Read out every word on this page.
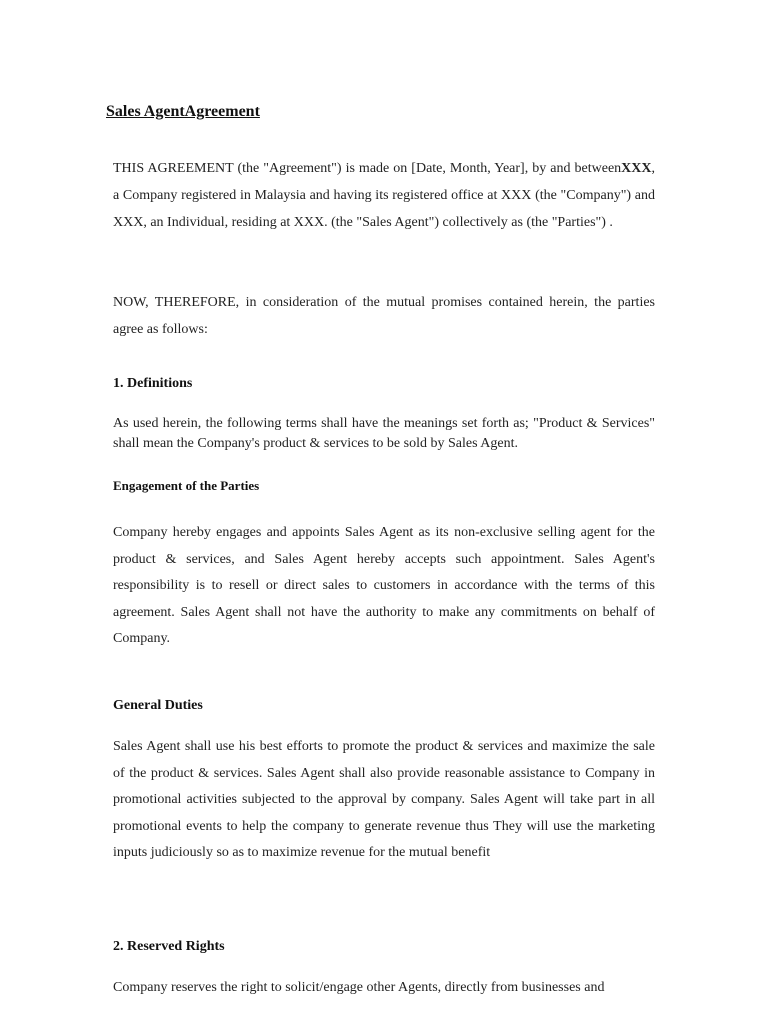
Sales AgentAgreement
THIS AGREEMENT (the "Agreement") is made on [Date, Month, Year], by and betweenXXX, a Company registered in Malaysia and having its registered office at XXX (the "Company") and XXX, an Individual, residing at XXX. (the "Sales Agent") collectively as (the "Parties") .
NOW, THEREFORE, in consideration of the mutual promises contained herein, the parties agree as follows:
1. Definitions
As used herein, the following terms shall have the meanings set forth as; "Product & Services" shall mean the Company's product & services to be sold by Sales Agent.
Engagement of the Parties
Company hereby engages and appoints Sales Agent as its non-exclusive selling agent for the product & services, and Sales Agent hereby accepts such appointment. Sales Agent's responsibility is to resell or direct sales to customers in accordance with the terms of this agreement. Sales Agent shall not have the authority to make any commitments on behalf of Company.
General Duties
Sales Agent shall use his best efforts to promote the product & services and maximize the sale of the product & services. Sales Agent shall also provide reasonable assistance to Company in promotional activities subjected to the approval by company. Sales Agent will take part in all promotional events to help the company to generate revenue thus They will use the marketing inputs judiciously so as to maximize revenue for the mutual benefit
2. Reserved Rights
Company reserves the right to solicit/engage other Agents, directly from businesses and
